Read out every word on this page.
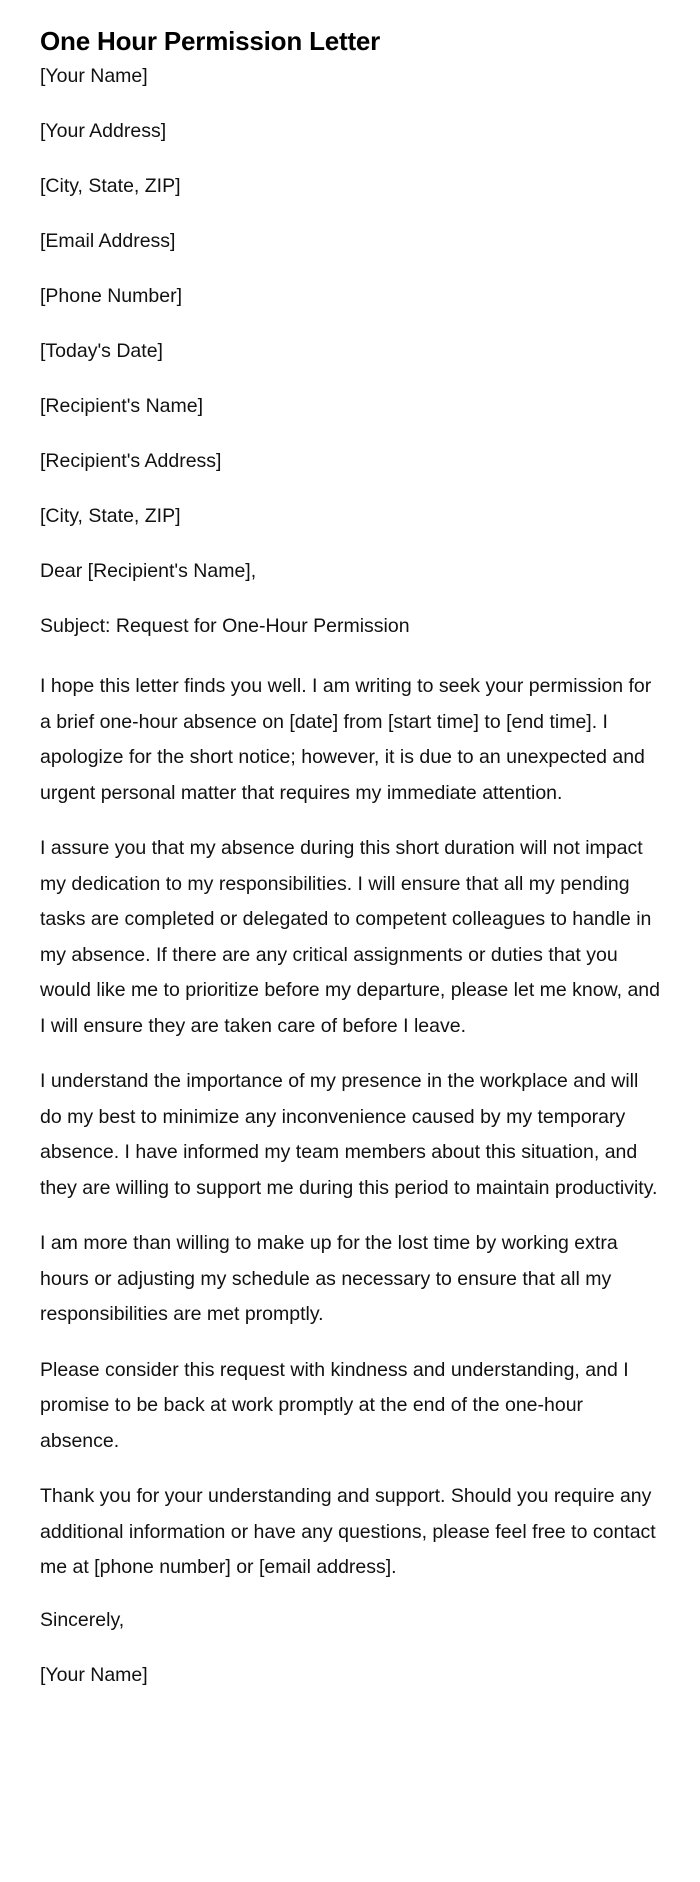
One Hour Permission Letter

[Your Name]

[Your Address]

[City, State, ZIP]

[Email Address]

[Phone Number]

[Today's Date]

[Recipient's Name]

[Recipient's Address]

[City, State, ZIP]

Dear [Recipient's Name],

Subject: Request for One-Hour Permission

I hope this letter finds you well. I am writing to seek your permission for a brief one-hour absence on [date] from [start time] to [end time]. I apologize for the short notice; however, it is due to an unexpected and urgent personal matter that requires my immediate attention.

I assure you that my absence during this short duration will not impact my dedication to my responsibilities. I will ensure that all my pending tasks are completed or delegated to competent colleagues to handle in my absence. If there are any critical assignments or duties that you would like me to prioritize before my departure, please let me know, and I will ensure they are taken care of before I leave.

I understand the importance of my presence in the workplace and will do my best to minimize any inconvenience caused by my temporary absence. I have informed my team members about this situation, and they are willing to support me during this period to maintain productivity.

I am more than willing to make up for the lost time by working extra hours or adjusting my schedule as necessary to ensure that all my responsibilities are met promptly.

Please consider this request with kindness and understanding, and I promise to be back at work promptly at the end of the one-hour absence.

Thank you for your understanding and support. Should you require any additional information or have any questions, please feel free to contact me at [phone number] or [email address].

Sincerely,

[Your Name]
